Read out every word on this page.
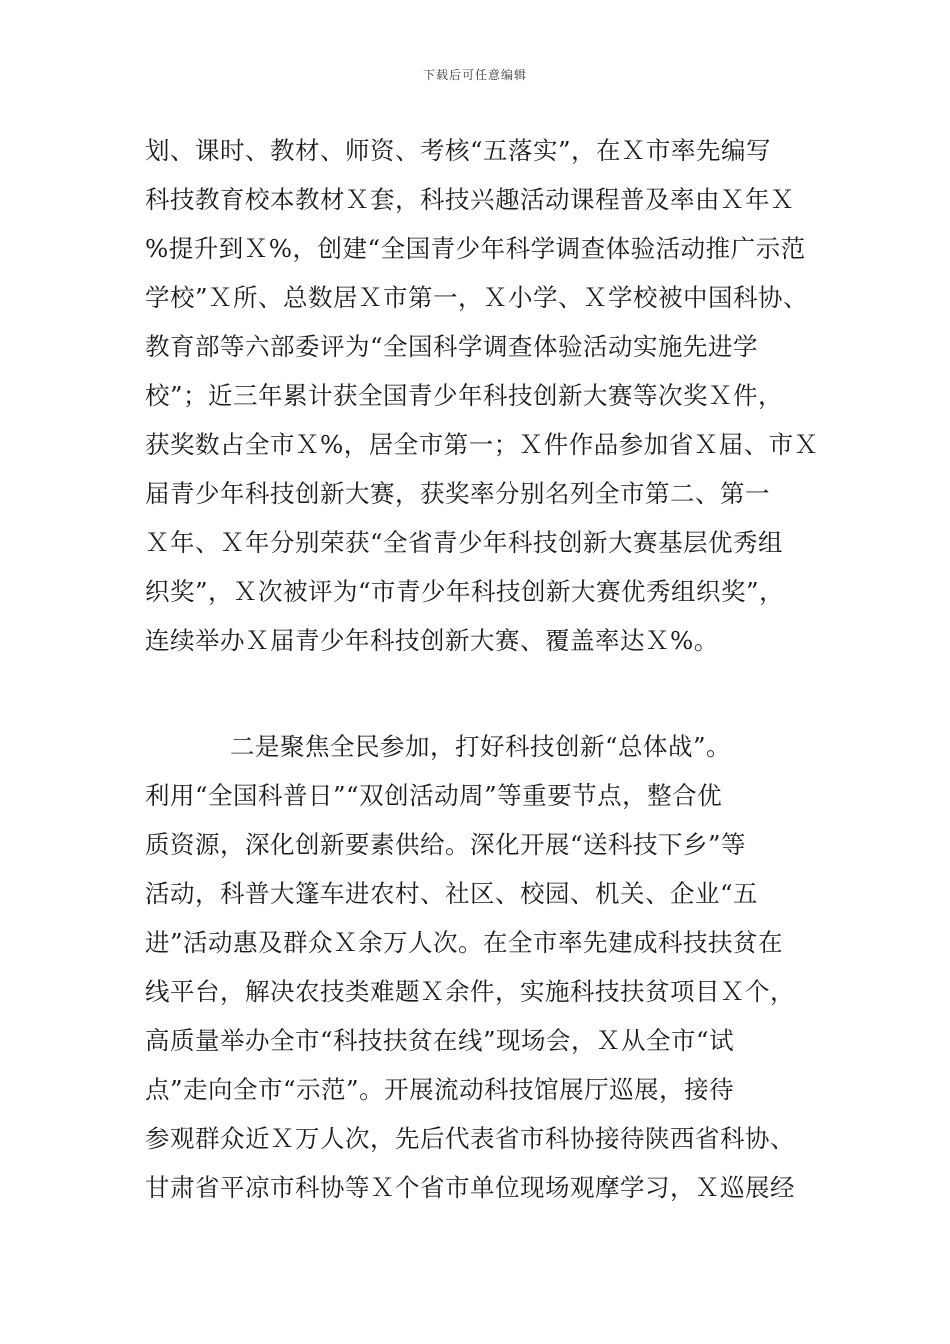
下载后可任意编辑
划、课时、教材、师资、考核“五落实”，在Ｘ市率先编写
科技教育校本教材Ｘ套，科技兴趣活动课程普及率由Ｘ年Ｘ
%提升到Ｘ%，创建“全国青少年科学调查体验活动推广示范
学校”Ｘ所、总数居Ｘ市第一，Ｘ小学、Ｘ学校被中国科协、
教育部等六部委评为“全国科学调查体验活动实施先进学
校”；近三年累计获全国青少年科技创新大赛等次奖Ｘ件，
获奖数占全市Ｘ%，居全市第一；Ｘ件作品参加省Ｘ届、市Ｘ
届青少年科技创新大赛，获奖率分别名列全市第二、第一
Ｘ年、Ｘ年分别荣获“全省青少年科技创新大赛基层优秀组
织奖”，Ｘ次被评为“市青少年科技创新大赛优秀组织奖”，
连续举办Ｘ届青少年科技创新大赛、覆盖率达Ｘ%。
二是聚焦全民参加，打好科技创新“总体战”。
利用“全国科普日”“双创活动周”等重要节点，整合优
质资源，深化创新要素供给。深化开展“送科技下乡”等
活动，科普大篷车进农村、社区、校园、机关、企业“五
进”活动惠及群众Ｘ余万人次。在全市率先建成科技扶贫在
线平台，解决农技类难题Ｘ余件，实施科技扶贫项目Ｘ个，
高质量举办全市“科技扶贫在线”现场会，Ｘ从全市“试
点”走向全市“示范”。开展流动科技馆展厅巡展，接待
参观群众近Ｘ万人次，先后代表省市科协接待陕西省科协、
甘肃省平凉市科协等Ｘ个省市单位现场观摩学习，Ｘ巡展经
